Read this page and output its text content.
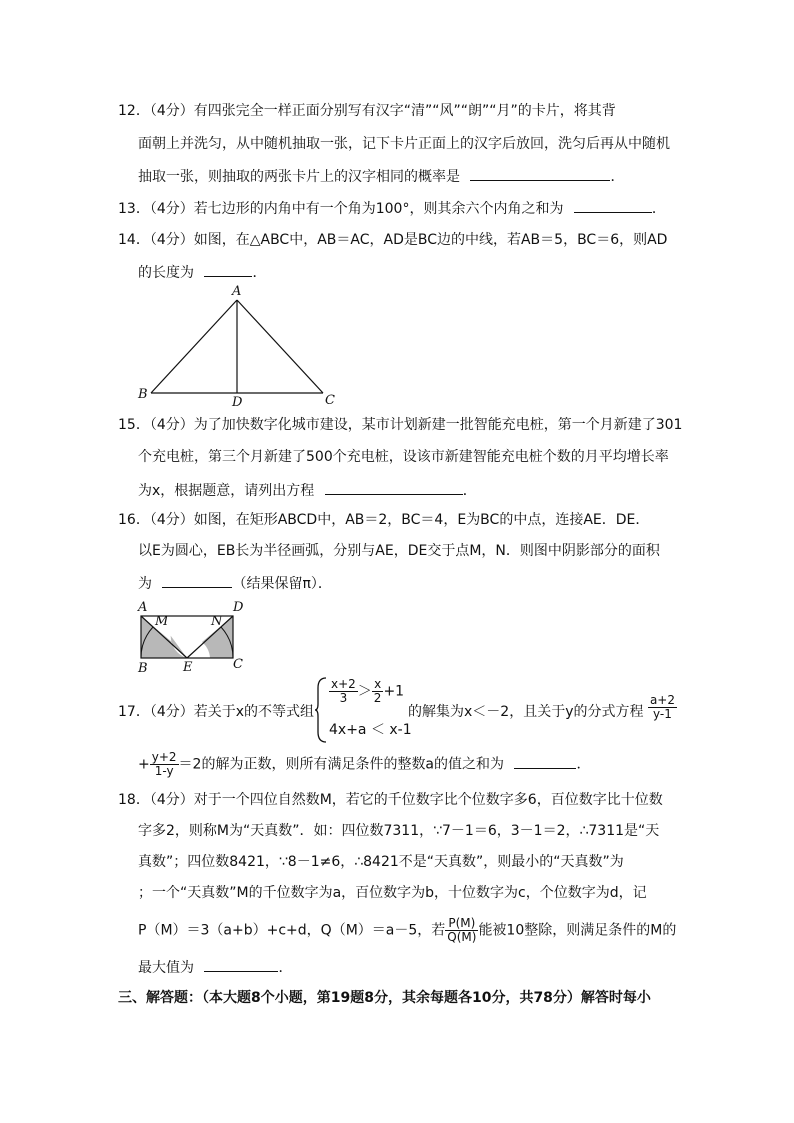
12．（4分）有四张完全一样正面分别写有汉字“清”“风”“朗”“月”的卡片，将其背
面朝上并洗匀，从中随机抽取一张，记下卡片正面上的汉字后放回，洗匀后再从中随机
抽取一张，则抽取的两张卡片上的汉字相同的概率是	．
13．（4分）若七边形的内角中有一个角为100°，则其余六个内角之和为	．
14．（4分）如图，在△ABC中，AB＝AC，AD是BC边的中线，若AB＝5，BC＝6，则AD
的长度为	．
A
B	C
D
15．（4分）为了加快数字化城市建设，某市计划新建一批智能充电桩，第一个月新建了301
个充电桩，第三个月新建了500个充电桩，设该市新建智能充电桩个数的月平均增长率
为x，根据题意，请列出方程	．
16．（4分）如图，在矩形ABCD中，AB＝2，BC＝4，E为BC的中点，连接AE．DE．
以E为圆心，EB长为半径画弧，分别与AE，DE交于点M，N．则图中阴影部分的面积
为	（结果保留π）．
A	D
B	C
E
M	N
17．（4分）若关于x的不等式组
$\frac{x+2}{3} > \frac{x}{2} +1$
4x+a ＜ x-1
的解集为x＜－2，且关于y的分式方程 $\frac{a+2}{y-1}$
+ $\frac{y+2}{1-y} =2$的解为正数，则所有满足条件的整数a的值之和为	．
18．（4分）对于一个四位自然数M，若它的千位数字比个位数字多6，百位数字比十位数
字多2，则称M为“天真数”．如：四位数7311，∵7－1＝6，3－1＝2，∴7311是“天
真数”；四位数8421，∵8－1≠6，∴8421不是“天真数”，则最小的“天真数”为
；一个“天真数”M的千位数字为a，百位数字为b，十位数字为c，个位数字为d，记
P（M）＝3（a+b）+c+d，Q（M）＝a－5，若 $\frac{P(M)}{Q(M)}$ 能被10整除，则满足条件的M的
最大值为	．
三、解答题：（本大题8个小题，第19题8分，其余每题各10分，共78分）解答时每小
